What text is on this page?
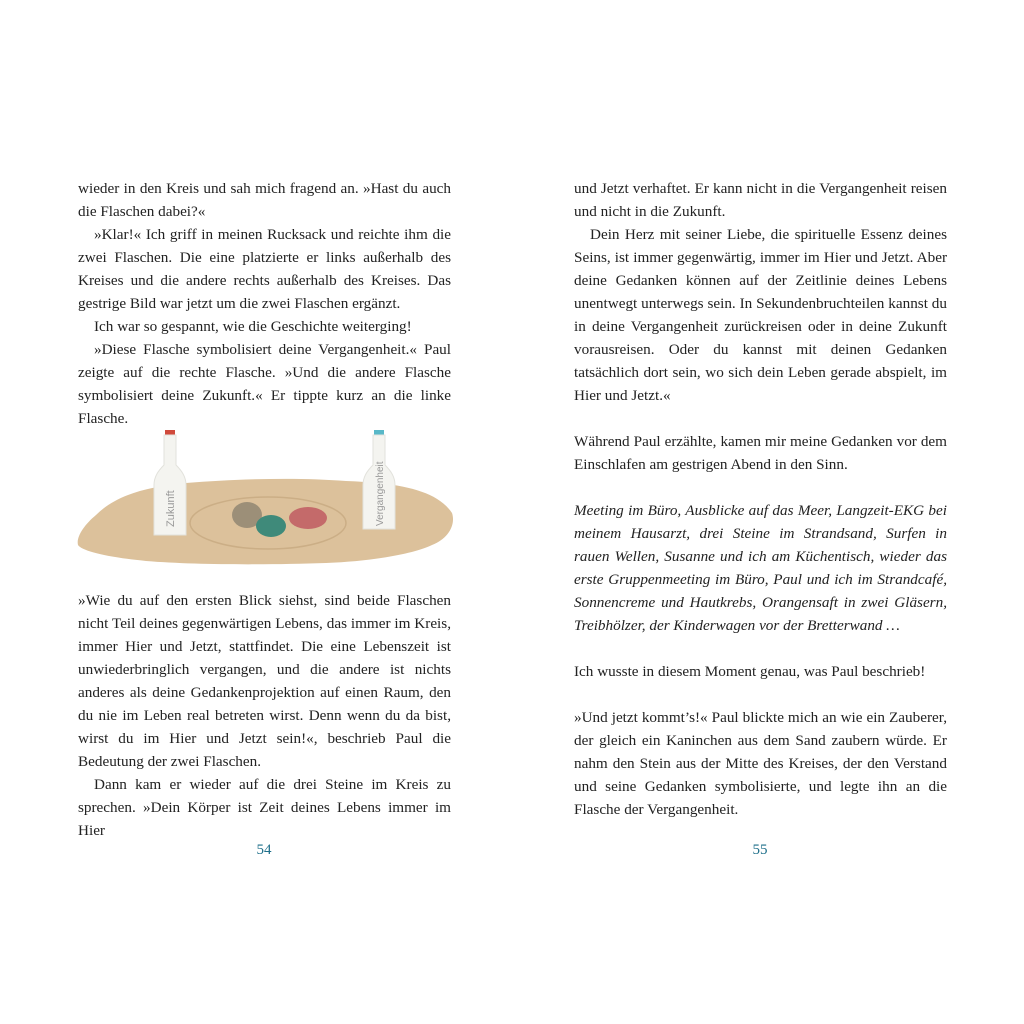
wieder in den Kreis und sah mich fragend an. »Hast du auch die Flaschen dabei?«

»Klar!« Ich griff in meinen Rucksack und reichte ihm die zwei Flaschen. Die eine platzierte er links außerhalb des Kreises und die andere rechts außerhalb des Kreises. Das gestrige Bild war jetzt um die zwei Flaschen ergänzt.

Ich war so gespannt, wie die Geschichte weiterging!

»Diese Flasche symbolisiert deine Vergangenheit.« Paul zeigte auf die rechte Flasche. »Und die andere Flasche symbolisiert deine Zukunft.« Er tippte kurz an die linke Flasche.

Zukunft	Vergangenheit

»Wie du auf den ersten Blick siehst, sind beide Flaschen nicht Teil deines gegenwärtigen Lebens, das immer im Kreis, immer Hier und Jetzt, stattfindet. Die eine Lebenszeit ist unwiederbringlich vergangen, und die andere ist nichts anderes als deine Gedankenprojektion auf einen Raum, den du nie im Leben real betreten wirst. Denn wenn du da bist, wirst du im Hier und Jetzt sein!«, beschrieb Paul die Bedeutung der zwei Flaschen.

Dann kam er wieder auf die drei Steine im Kreis zu sprechen. »Dein Körper ist Zeit deines Lebens immer im Hier

54

und Jetzt verhaftet. Er kann nicht in die Vergangenheit reisen und nicht in die Zukunft.

Dein Herz mit seiner Liebe, die spirituelle Essenz deines Seins, ist immer gegenwärtig, immer im Hier und Jetzt. Aber deine Gedanken können auf der Zeitlinie deines Lebens unentwegt unterwegs sein. In Sekundenbruchteilen kannst du in deine Vergangenheit zurückreisen oder in deine Zukunft vorausreisen. Oder du kannst mit deinen Gedanken tatsächlich dort sein, wo sich dein Leben gerade abspielt, im Hier und Jetzt.«

Während Paul erzählte, kamen mir meine Gedanken vor dem Einschlafen am gestrigen Abend in den Sinn.

Meeting im Büro, Ausblicke auf das Meer, Langzeit-EKG bei meinem Hausarzt, drei Steine im Strandsand, Surfen in rauen Wellen, Susanne und ich am Küchentisch, wieder das erste Gruppenmeeting im Büro, Paul und ich im Strandcafé, Sonnencreme und Hautkrebs, Orangensaft in zwei Gläsern, Treibhölzer, der Kinderwagen vor der Bretterwand …

Ich wusste in diesem Moment genau, was Paul beschrieb!

»Und jetzt kommt’s!« Paul blickte mich an wie ein Zauberer, der gleich ein Kaninchen aus dem Sand zaubern würde. Er nahm den Stein aus der Mitte des Kreises, der den Verstand und seine Gedanken symbolisierte, und legte ihn an die Flasche der Vergangenheit.

55
